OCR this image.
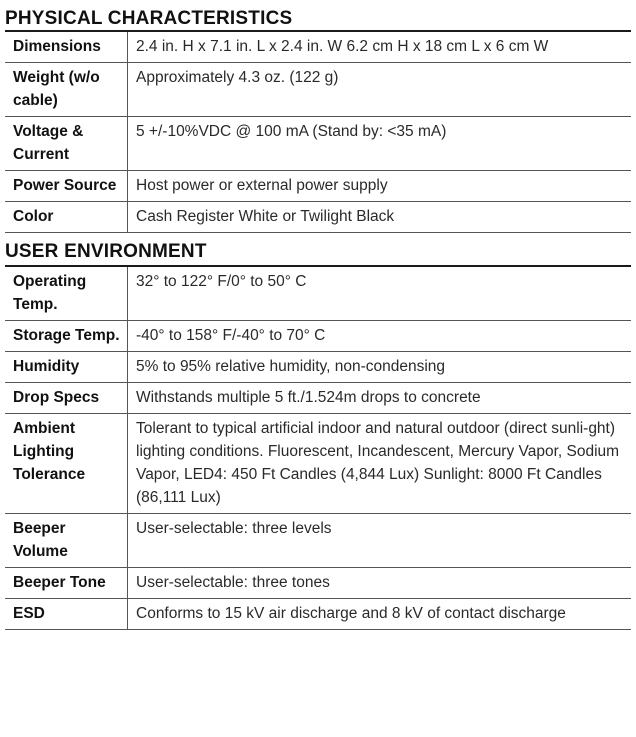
PHYSICAL CHARACTERISTICS
Dimensions	2.4 in. H x 7.1 in. L x 2.4 in. W 6.2 cm H x 18 cm L x 6 cm W
Weight (w/o cable)	Approximately 4.3 oz. (122 g)
Voltage & Current	5 +/-10%VDC @ 100 mA (Stand by: <35 mA)
Power Source	Host power or external power supply
Color	Cash Register White or Twilight Black
USER ENVIRONMENT
Operating Temp.	32° to 122° F/0° to 50° C
Storage Temp.	-40° to 158° F/-40° to 70° C
Humidity	5% to 95% relative humidity, non-condensing
Drop Specs	Withstands multiple 5 ft./1.524m drops to concrete
Ambient Lighting Tolerance	Tolerant to typical artificial indoor and natural outdoor (direct sunli-ght) lighting conditions. Fluorescent, Incandescent, Mercury Vapor, Sodium Vapor, LED4: 450 Ft Candles (4,844 Lux) Sunlight: 8000 Ft Candles (86,111 Lux)
Beeper Volume	User-selectable: three levels
Beeper Tone	User-selectable: three tones
ESD	Conforms to 15 kV air discharge and 8 kV of contact discharge
